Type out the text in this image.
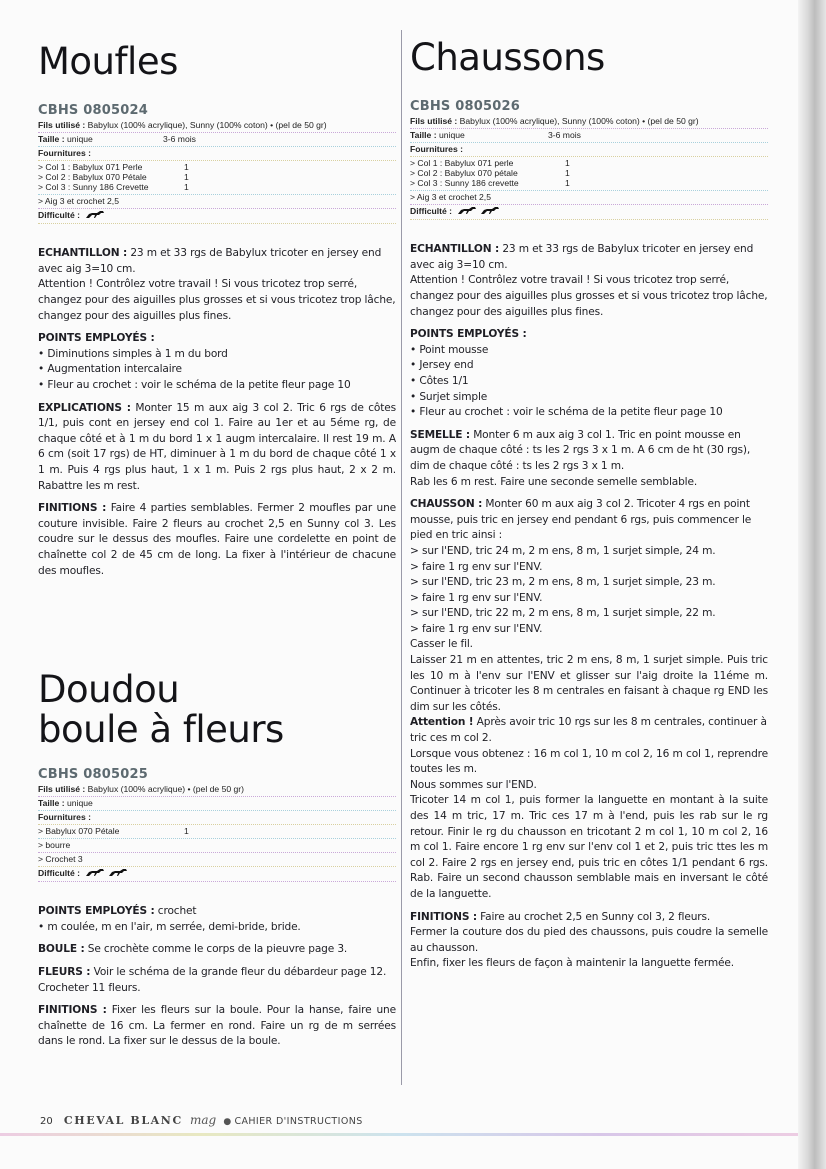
Moufles
CBHS 0805024
Fils utilisé : Babylux (100% acrylique), Sunny (100% coton) • (pel de 50 gr)
Taille : unique	3-6 mois
Fournitures :
> Col 1 : Babylux 071 Perle	1
> Col 2 : Babylux 070 Pétale	1
> Col 3 : Sunny 186 Crevette	1
> Aig 3 et crochet 2,5
Difficulté :

ECHANTILLON : 23 m et 33 rgs de Babylux tricoter en jersey end avec aig 3=10 cm.

Attention ! Contrôlez votre travail ! Si vous tricotez trop serré, changez pour des aiguilles plus grosses et si vous tricotez trop lâche, changez pour des aiguilles plus fines.

POINTS EMPLOYÉS :

• Diminutions simples à 1 m du bord

• Augmentation intercalaire

• Fleur au crochet : voir le schéma de la petite fleur page 10

EXPLICATIONS : Monter 15 m aux aig 3 col 2. Tric 6 rgs de côtes 1/1, puis cont en jersey end col 1. Faire au 1er et au 5éme rg, de chaque côté et à 1 m du bord 1 x 1 augm intercalaire. Il rest 19 m. A 6 cm (soit 17 rgs) de HT, diminuer à 1 m du bord de chaque côté 1 x 1 m. Puis 4 rgs plus haut, 1 x 1 m. Puis 2 rgs plus haut, 2 x 2 m. Rabattre les m rest.

FINITIONS : Faire 4 parties semblables. Fermer 2 moufles par une couture invisible. Faire 2 fleurs au crochet 2,5 en Sunny col 3. Les coudre sur le dessus des moufles. Faire une cordelette en point de chaînette col 2 de 45 cm de long. La fixer à l'intérieur de chacune des moufles.

Doudou
boule à fleurs
CBHS 0805025
Fils utilisé : Babylux (100% acrylique) • (pel de 50 gr)
Taille : unique
Fournitures :
> Babylux 070 Pétale	1
> bourre
> Crochet 3
Difficulté :

POINTS EMPLOYÉS : crochet

• m coulée, m en l'air, m serrée, demi-bride, bride.

BOULE : Se crochète comme le corps de la pieuvre page 3.

FLEURS : Voir le schéma de la grande fleur du débardeur page 12. Crocheter 11 fleurs.

FINITIONS : Fixer les fleurs sur la boule. Pour la hanse, faire une chaînette de 16 cm. La fermer en rond. Faire un rg de m serrées dans le rond. La fixer sur le dessus de la boule.

Chaussons
CBHS 0805026
Fils utilisé : Babylux (100% acrylique), Sunny (100% coton) • (pel de 50 gr)
Taille : unique	3-6 mois
Fournitures :
> Col 1 : Babylux 071 perle	1
> Col 2 : Babylux 070 pétale	1
> Col 3 : Sunny 186 crevette	1
> Aig 3 et crochet 2,5
Difficulté :

ECHANTILLON : 23 m et 33 rgs de Babylux tricoter en jersey end avec aig 3=10 cm.

Attention ! Contrôlez votre travail ! Si vous tricotez trop serré, changez pour des aiguilles plus grosses et si vous tricotez trop lâche, changez pour des aiguilles plus fines.

POINTS EMPLOYÉS :

• Point mousse

• Jersey end

• Côtes 1/1

• Surjet simple

• Fleur au crochet : voir le schéma de la petite fleur page 10

SEMELLE : Monter 6 m aux aig 3 col 1. Tric en point mousse en augm de chaque côté : ts les 2 rgs 3 x 1 m. A 6 cm de ht (30 rgs), dim de chaque côté : ts les 2 rgs 3 x 1 m.

Rab les 6 m rest. Faire une seconde semelle semblable.

CHAUSSON : Monter 60 m aux aig 3 col 2. Tricoter 4 rgs en point mousse, puis tric en jersey end pendant 6 rgs, puis commencer le pied en tric ainsi :

> sur l'END, tric 24 m, 2 m ens, 8 m, 1 surjet simple, 24 m.

> faire 1 rg env sur l'ENV.

> sur l'END, tric 23 m, 2 m ens, 8 m, 1 surjet simple, 23 m.

> faire 1 rg env sur l'ENV.

> sur l'END, tric 22 m, 2 m ens, 8 m, 1 surjet simple, 22 m.

> faire 1 rg env sur l'ENV.

Casser le fil.

Laisser 21 m en attentes, tric 2 m ens, 8 m, 1 surjet simple. Puis tric les 10 m à l'env sur l'ENV et glisser sur l'aig droite la 11éme m. Continuer à tricoter les 8 m centrales en faisant à chaque rg END les dim sur les côtés.

Attention ! Après avoir tric 10 rgs sur les 8 m centrales, continuer à tric ces m col 2.

Lorsque vous obtenez : 16 m col 1, 10 m col 2, 16 m col 1, reprendre toutes les m.

Nous sommes sur l'END.

Tricoter 14 m col 1, puis former la languette en montant à la suite des 14 m tric, 17 m. Tric ces 17 m à l'end, puis les rab sur le rg retour. Finir le rg du chausson en tricotant 2 m col 1, 10 m col 2, 16 m col 1. Faire encore 1 rg env sur l'env col 1 et 2, puis tric ttes les m col 2. Faire 2 rgs en jersey end, puis tric en côtes 1/1 pendant 6 rgs. Rab. Faire un second chausson semblable mais en inversant le côté de la languette.

FINITIONS : Faire au crochet 2,5 en Sunny col 3, 2 fleurs.

Fermer la couture dos du pied des chaussons, puis coudre la semelle au chausson.

Enfin, fixer les fleurs de façon à maintenir la languette fermée.

20 CHEVAL BLANC mag ● CAHIER D'INSTRUCTIONS
